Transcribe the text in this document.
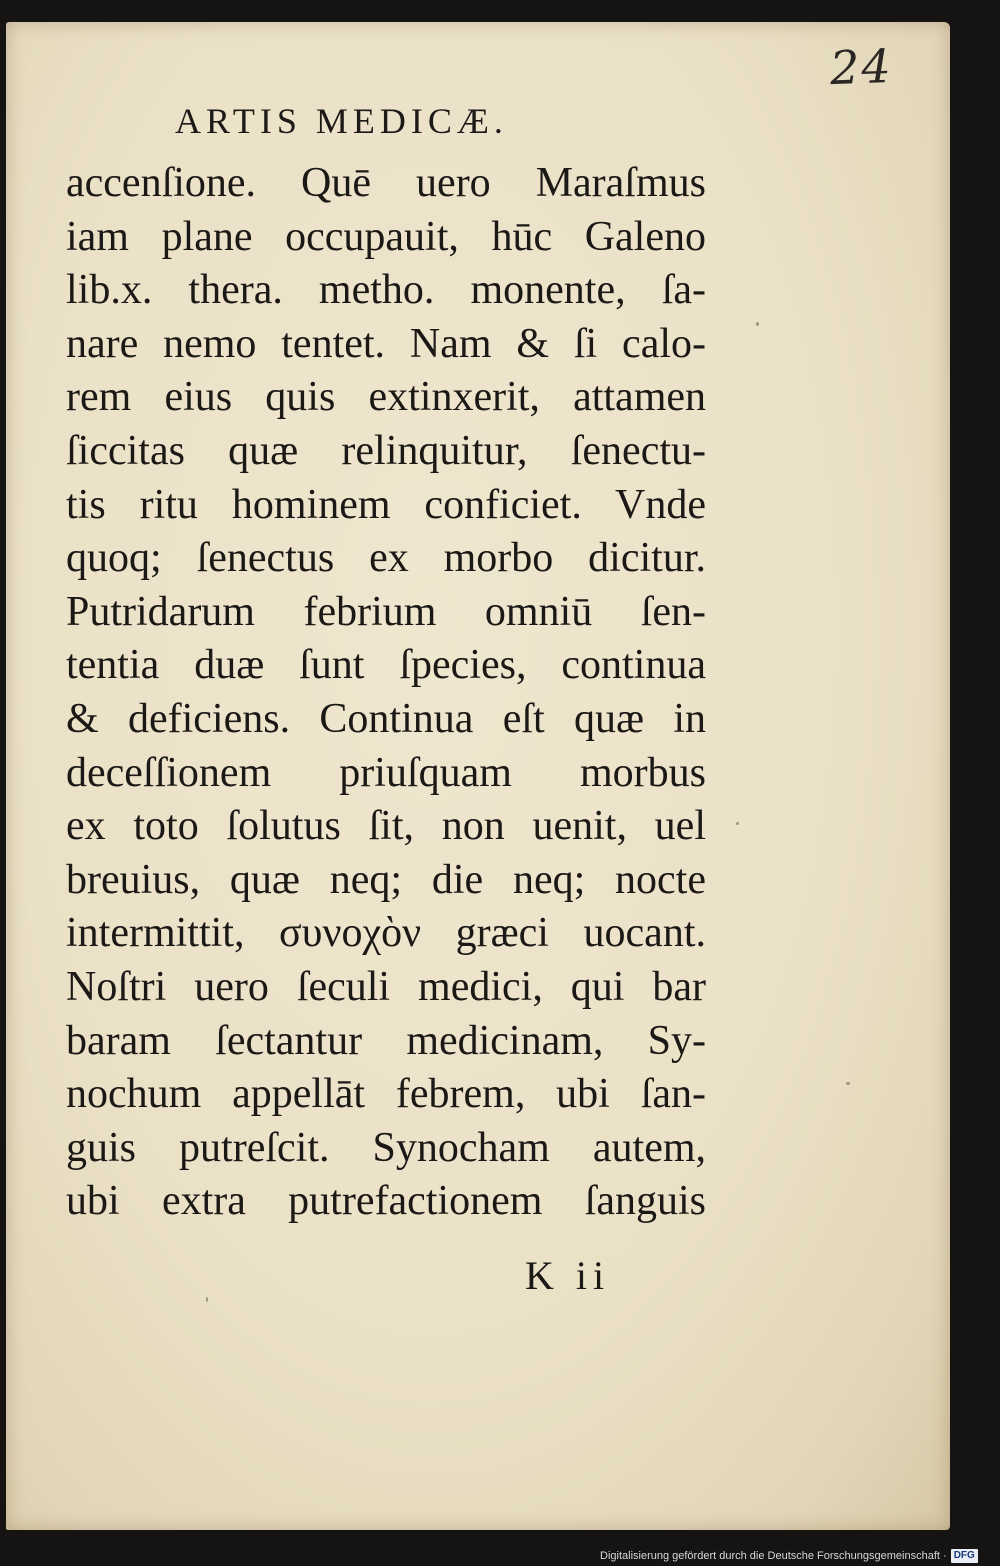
24
ARTIS MEDICÆ.
accenſione. Quē uero Maraſmus
iam plane occupauit, hūc Galeno
lib.x. thera. metho. monente, ſa-
nare nemo tentet. Nam & ſi calo-
rem eius quis extinxerit, attamen
ſiccitas quæ relinquitur, ſenectu-
tis ritu hominem conficiet. Vnde
quoq; ſenectus ex morbo dicitur.
Putridarum febrium omniū ſen-
tentia duæ ſunt ſpecies, continua
& deficiens. Continua eſt quæ in
deceſſionem priuſquam morbus
ex toto ſolutus ſit, non uenit, uel
breuius, quæ neq; die neq; nocte
intermittit, συνοχὸν græci uocant.
Noſtri uero ſeculi medici, qui bar
baram ſectantur medicinam, Sy-
nochum appellāt febrem, ubi ſan-
guis putreſcit. Synocham autem,
ubi extra putrefactionem ſanguis
K ii
Digitalisierung gefördert durch die Deutsche Forschungsgemeinschaft · DFG
